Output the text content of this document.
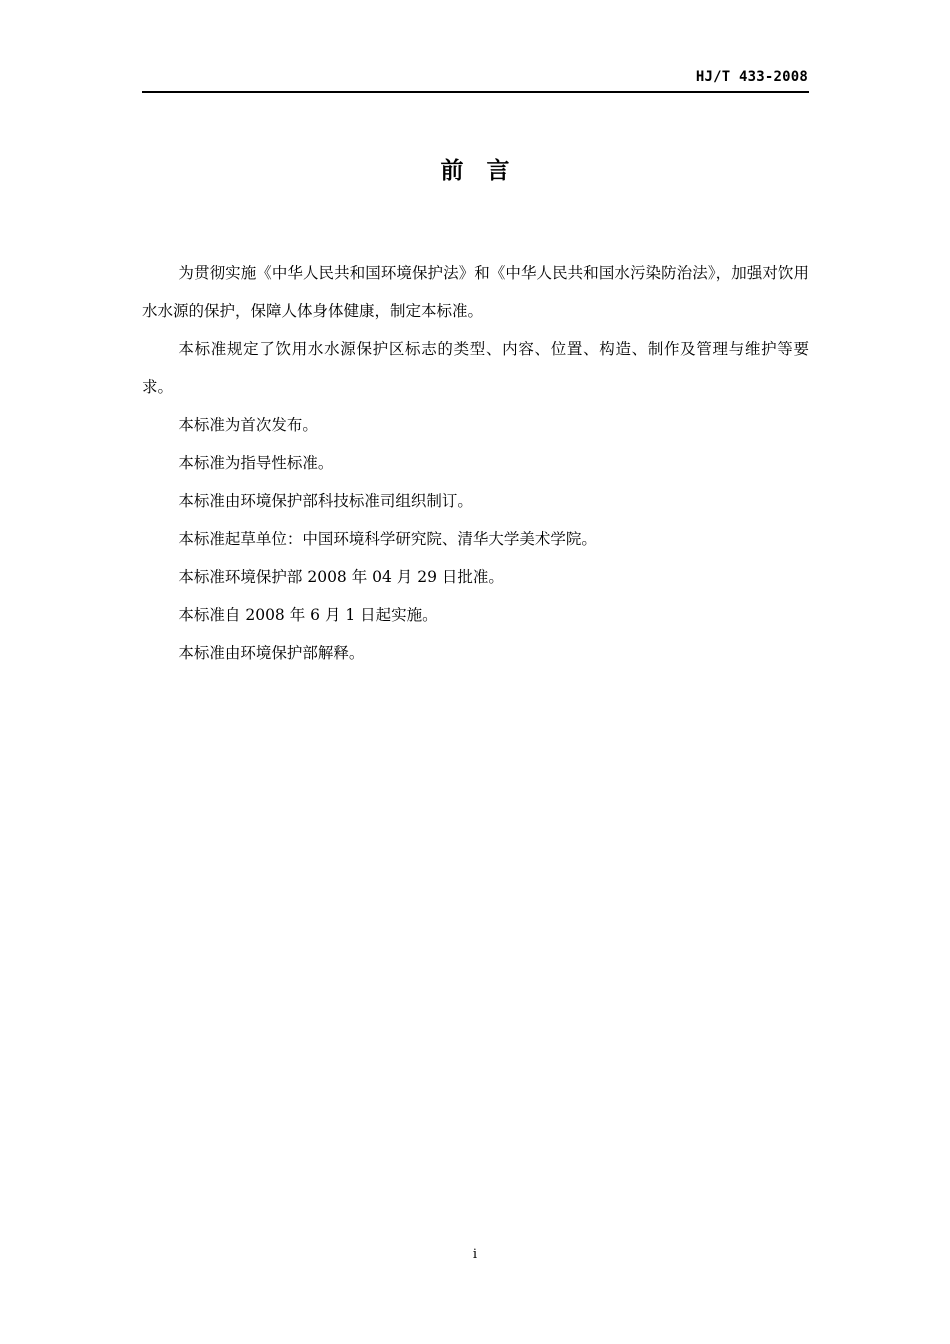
HJ/T 433-2008
前　言

为贯彻实施《中华人民共和国环境保护法》和《中华人民共和国水污染防治法》，加强对饮用水水源的保护，保障人体身体健康，制定本标准。

本标准规定了饮用水水源保护区标志的类型、内容、位置、构造、制作及管理与维护等要求。

本标准为首次发布。

本标准为指导性标准。

本标准由环境保护部科技标准司组织制订。

本标准起草单位：中国环境科学研究院、清华大学美术学院。

本标准环境保护部 2008 年 04 月 29 日批准。

本标准自 2008 年 6 月 1 日起实施。

本标准由环境保护部解释。

i
